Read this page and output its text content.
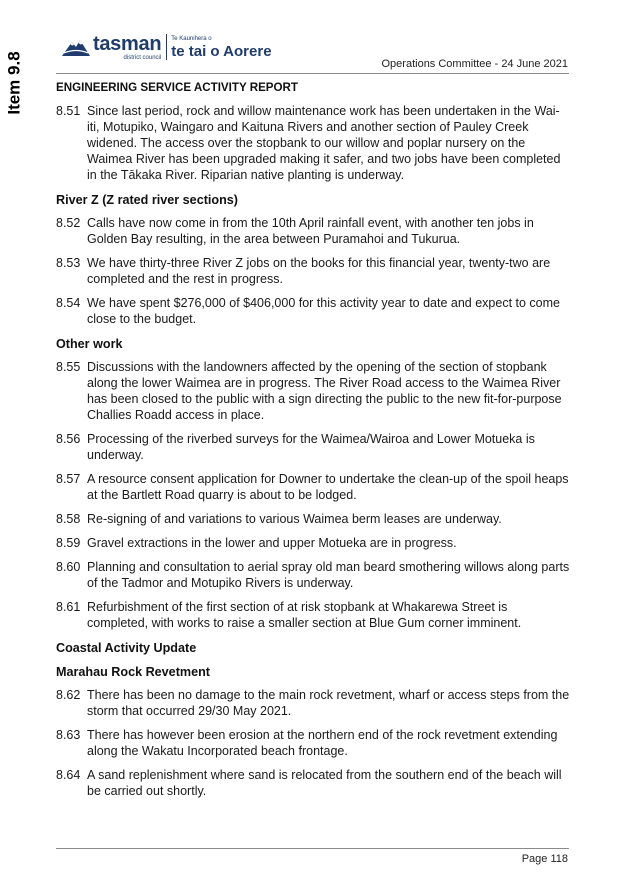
Item 9.8
tasman
district council
Te Kaunihera o
te tai o Aorere
Operations Committee - 24 June 2021
ENGINEERING SERVICE ACTIVITY REPORT
8.51 Since last period, rock and willow maintenance work has been undertaken in the Wai-iti, Motupiko, Waingaro and Kaituna Rivers and another section of Pauley Creek widened. The access over the stopbank to our willow and poplar nursery on the Waimea River has been upgraded making it safer, and two jobs have been completed in the Tākaka River. Riparian native planting is underway.
River Z (Z rated river sections)
8.52 Calls have now come in from the 10th April rainfall event, with another ten jobs in Golden Bay resulting, in the area between Puramahoi and Tukurua.
8.53 We have thirty-three River Z jobs on the books for this financial year, twenty-two are completed and the rest in progress.
8.54 We have spent $276,000 of $406,000 for this activity year to date and expect to come close to the budget.
Other work
8.55 Discussions with the landowners affected by the opening of the section of stopbank along the lower Waimea are in progress. The River Road access to the Waimea River has been closed to the public with a sign directing the public to the new fit-for-purpose Challies Roadd access in place.
8.56 Processing of the riverbed surveys for the Waimea/Wairoa and Lower Motueka is underway.
8.57 A resource consent application for Downer to undertake the clean-up of the spoil heaps at the Bartlett Road quarry is about to be lodged.
8.58 Re-signing of and variations to various Waimea berm leases are underway.
8.59 Gravel extractions in the lower and upper Motueka are in progress.
8.60 Planning and consultation to aerial spray old man beard smothering willows along parts of the Tadmor and Motupiko Rivers is underway.
8.61 Refurbishment of the first section of at risk stopbank at Whakarewa Street is completed, with works to raise a smaller section at Blue Gum corner imminent.
Coastal Activity Update
Marahau Rock Revetment
8.62 There has been no damage to the main rock revetment, wharf or access steps from the storm that occurred 29/30 May 2021.
8.63 There has however been erosion at the northern end of the rock revetment extending along the Wakatu Incorporated beach frontage.
8.64 A sand replenishment where sand is relocated from the southern end of the beach will be carried out shortly.
Page 118
